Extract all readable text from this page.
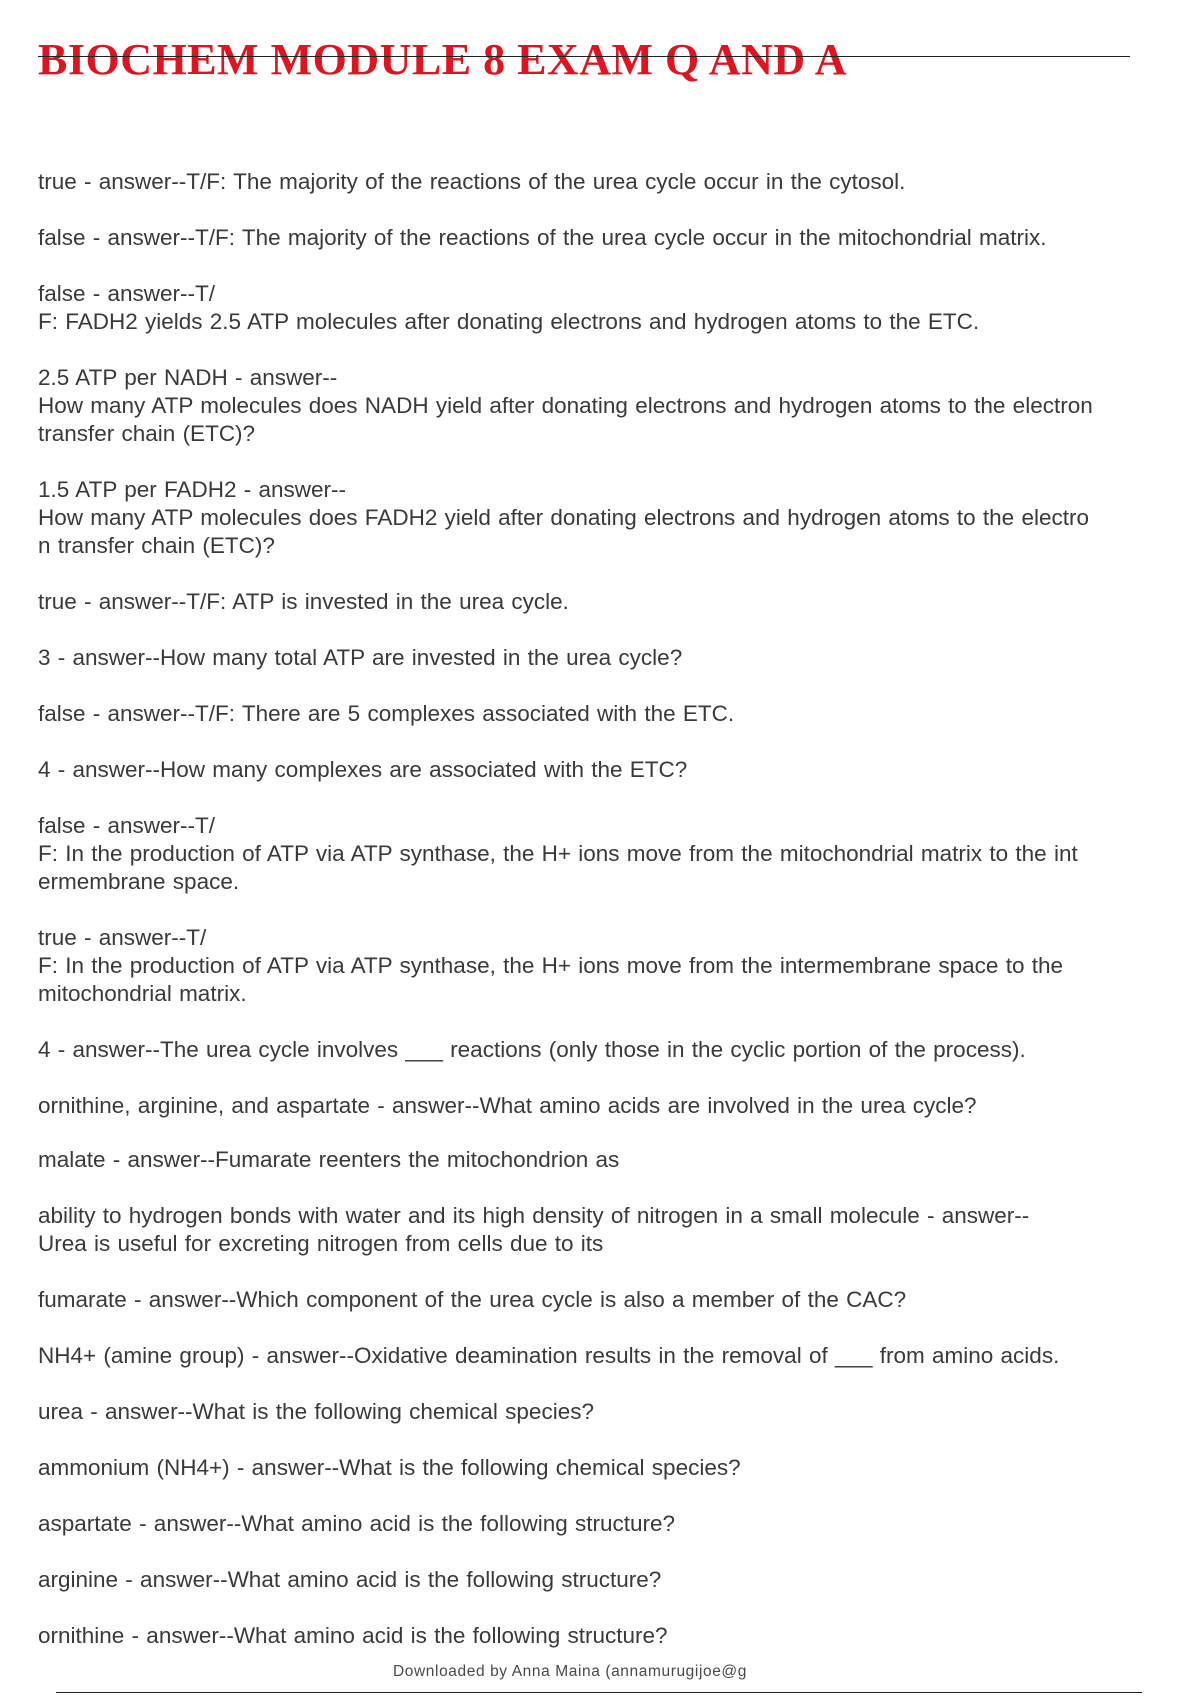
BIOCHEM MODULE 8 EXAM Q AND A
true - answer--T/F: The majority of the reactions of the urea cycle occur in the cytosol.
false - answer--T/F: The majority of the reactions of the urea cycle occur in the mitochondrial matrix.
false - answer--T/
F: FADH2 yields 2.5 ATP molecules after donating electrons and hydrogen atoms to the ETC.
2.5 ATP per NADH - answer--
How many ATP molecules does NADH yield after donating electrons and hydrogen atoms to the electron
transfer chain (ETC)?
1.5 ATP per FADH2 - answer--
How many ATP molecules does FADH2 yield after donating electrons and hydrogen atoms to the electro
n transfer chain (ETC)?
true - answer--T/F: ATP is invested in the urea cycle.
3 - answer--How many total ATP are invested in the urea cycle?
false - answer--T/F: There are 5 complexes associated with the ETC.
4 - answer--How many complexes are associated with the ETC?
false - answer--T/
F: In the production of ATP via ATP synthase, the H+ ions move from the mitochondrial matrix to the int
ermembrane space.
true - answer--T/
F: In the production of ATP via ATP synthase, the H+ ions move from the intermembrane space to the
mitochondrial matrix.
4 - answer--The urea cycle involves ___ reactions (only those in the cyclic portion of the process).
ornithine, arginine, and aspartate - answer--What amino acids are involved in the urea cycle?
malate - answer--Fumarate reenters the mitochondrion as
ability to hydrogen bonds with water and its high density of nitrogen in a small molecule - answer--
Urea is useful for excreting nitrogen from cells due to its
fumarate - answer--Which component of the urea cycle is also a member of the CAC?
NH4+ (amine group) - answer--Oxidative deamination results in the removal of ___ from amino acids.
urea - answer--What is the following chemical species?
ammonium (NH4+) - answer--What is the following chemical species?
aspartate - answer--What amino acid is the following structure?
arginine - answer--What amino acid is the following structure?
ornithine - answer--What amino acid is the following structure?
Downloaded by Anna Maina (annamurugijoe@g
